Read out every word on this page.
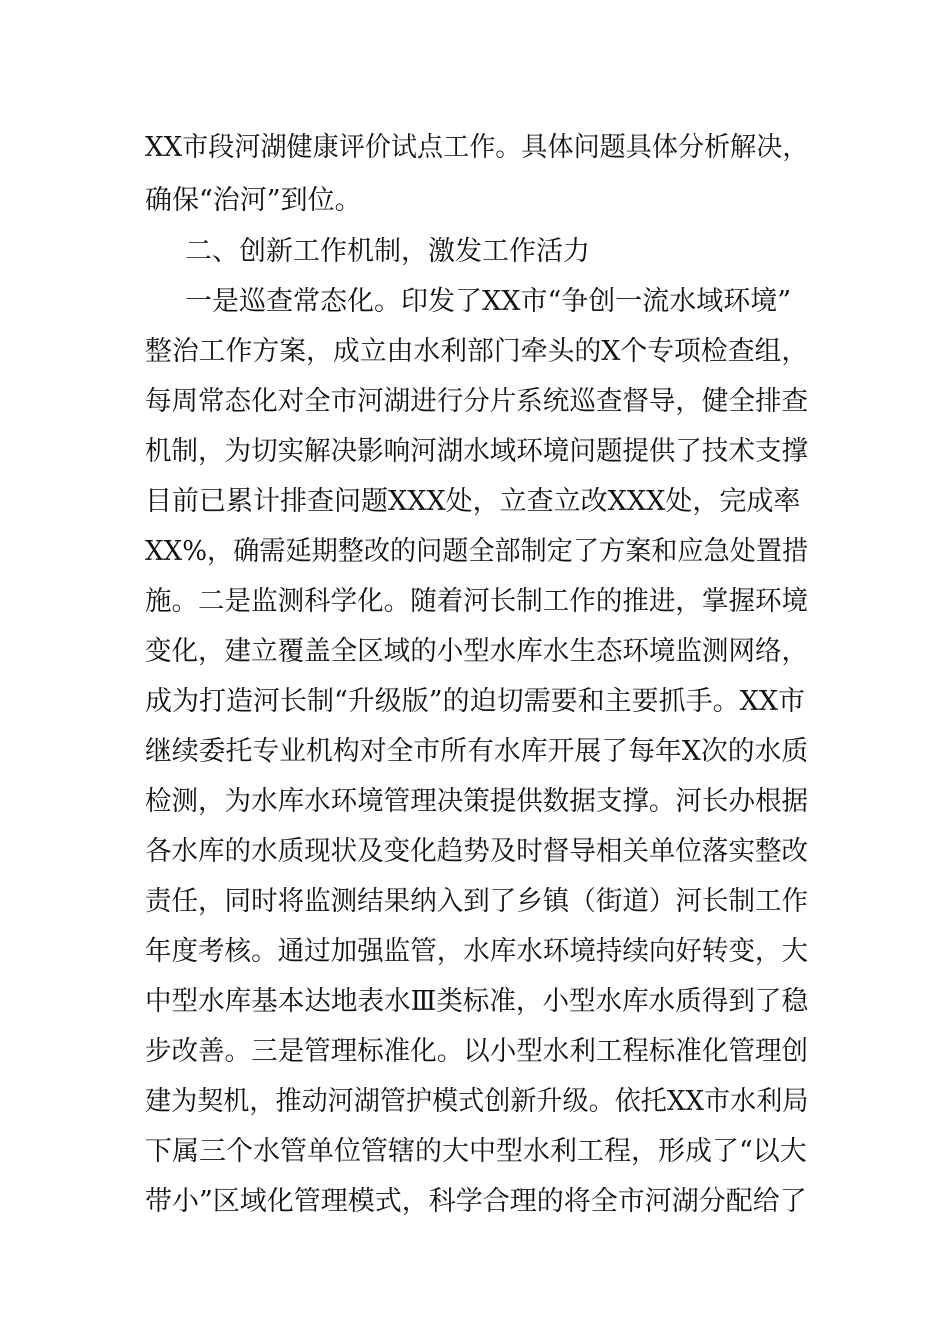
XX市段河湖健康评价试点工作。具体问题具体分析解决，
确保“治河”到位。
二、创新工作机制，激发工作活力
一是巡查常态化。印发了XX市“争创一流水域环境”
整治工作方案，成立由水利部门牵头的X个专项检查组，
每周常态化对全市河湖进行分片系统巡查督导，健全排查
机制，为切实解决影响河湖水域环境问题提供了技术支撑
目前已累计排查问题XXX处，立查立改XXX处，完成率
XX%，确需延期整改的问题全部制定了方案和应急处置措
施。二是监测科学化。随着河长制工作的推进，掌握环境
变化，建立覆盖全区域的小型水库水生态环境监测网络，
成为打造河长制“升级版”的迫切需要和主要抓手。XX市
继续委托专业机构对全市所有水库开展了每年X次的水质
检测，为水库水环境管理决策提供数据支撑。河长办根据
各水库的水质现状及变化趋势及时督导相关单位落实整改
责任，同时将监测结果纳入到了乡镇（街道）河长制工作
年度考核。通过加强监管，水库水环境持续向好转变，大
中型水库基本达地表水Ⅲ类标准，小型水库水质得到了稳
步改善。三是管理标准化。以小型水利工程标准化管理创
建为契机，推动河湖管护模式创新升级。依托XX市水利局
下属三个水管单位管辖的大中型水利工程，形成了“以大
带小”区域化管理模式，科学合理的将全市河湖分配给了
